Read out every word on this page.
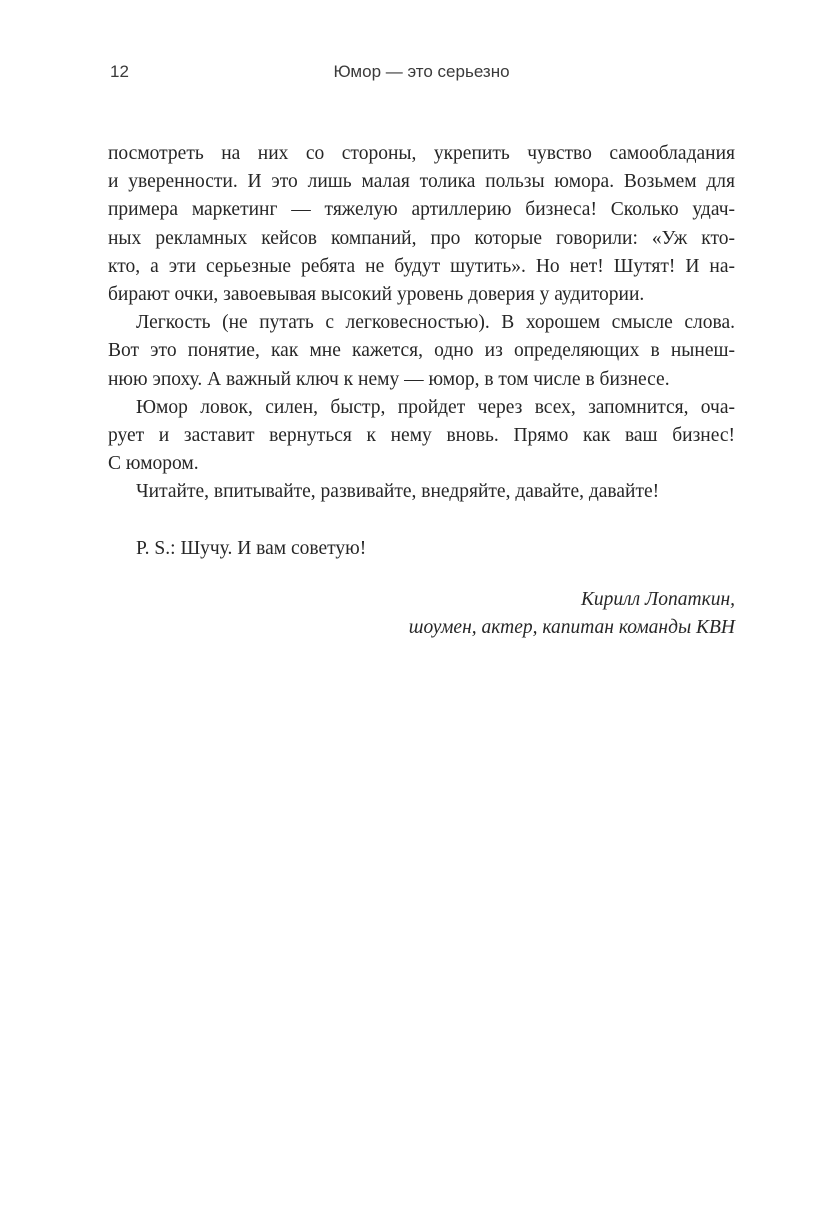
12	Юмор — это серьезно
посмотреть на них со стороны, укрепить чувство самообладания
и уверенности. И это лишь малая толика пользы юмора. Возьмем для
примера маркетинг — тяжелую артиллерию бизнеса! Сколько удач-
ных рекламных кейсов компаний, про которые говорили: «Уж кто-
кто, а эти серьезные ребята не будут шутить». Но нет! Шутят! И на-
бирают очки, завоевывая высокий уровень доверия у аудитории.
Легкость (не путать с легковесностью). В хорошем смысле слова.
Вот это понятие, как мне кажется, одно из определяющих в нынеш-
нюю эпоху. А важный ключ к нему — юмор, в том числе в бизнесе.
Юмор ловок, силен, быстр, пройдет через всех, запомнится, оча-
рует и заставит вернуться к нему вновь. Прямо как ваш бизнес!
С юмором.
Читайте, впитывайте, развивайте, внедряйте, давайте, давайте!
P. S.: Шучу. И вам советую!
Кирилл Лопаткин,
шоумен, актер, капитан команды КВН
